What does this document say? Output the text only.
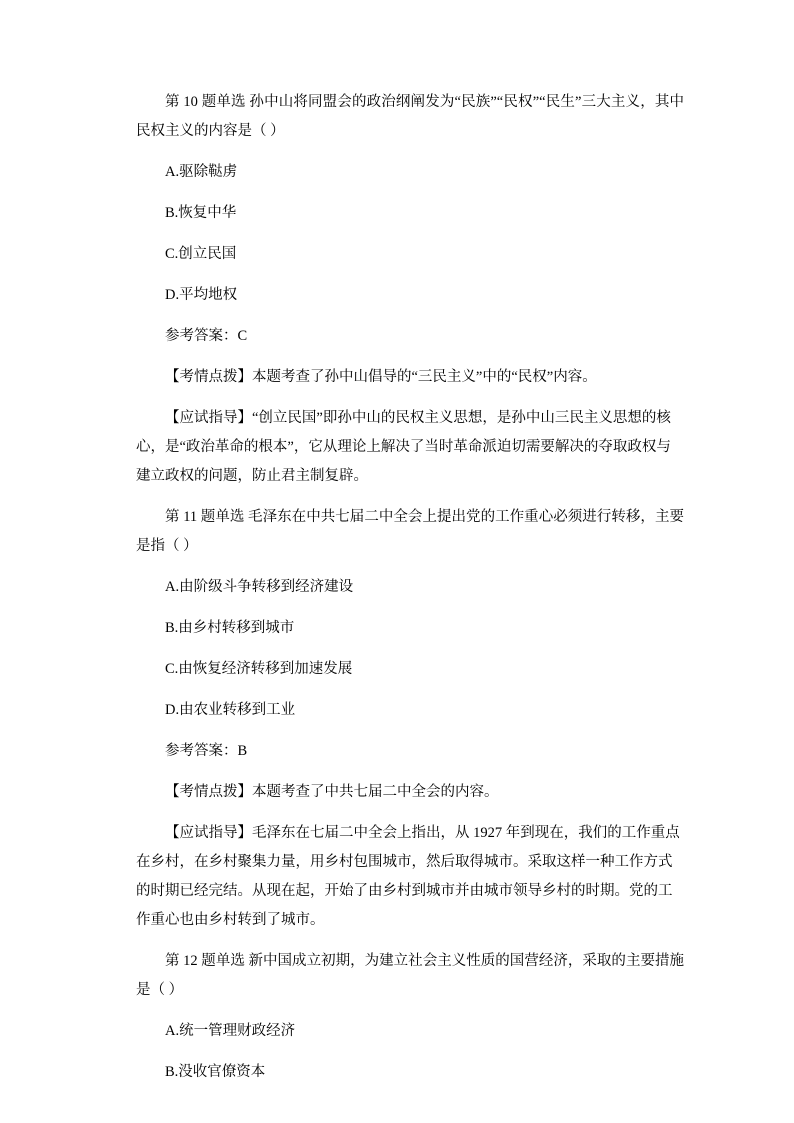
第 10 题单选 孙中山将同盟会的政治纲阐发为“民族”“民权”“民生”三大主义，其中民权主义的内容是（ ）
A.驱除鞑虏
B.恢复中华
C.创立民国
D.平均地权
参考答案：C
【考情点拨】本题考查了孙中山倡导的“三民主义”中的“民权”内容。
【应试指导】“创立民国”即孙中山的民权主义思想，是孙中山三民主义思想的核心，是“政治革命的根本”，它从理论上解决了当时革命派迫切需要解决的夺取政权与建立政权的问题，防止君主制复辟。
第 11 题单选 毛泽东在中共七届二中全会上提出党的工作重心必须进行转移，主要是指（ ）
A.由阶级斗争转移到经济建设
B.由乡村转移到城市
C.由恢复经济转移到加速发展
D.由农业转移到工业
参考答案：B
【考情点拨】本题考查了中共七届二中全会的内容。
【应试指导】毛泽东在七届二中全会上指出，从 1927 年到现在，我们的工作重点在乡村，在乡村聚集力量，用乡村包围城市，然后取得城市。采取这样一种工作方式的时期已经完结。从现在起，开始了由乡村到城市并由城市领导乡村的时期。党的工作重心也由乡村转到了城市。
第 12 题单选 新中国成立初期，为建立社会主义性质的国营经济，采取的主要措施是（ ）
A.统一管理财政经济
B.没收官僚资本
